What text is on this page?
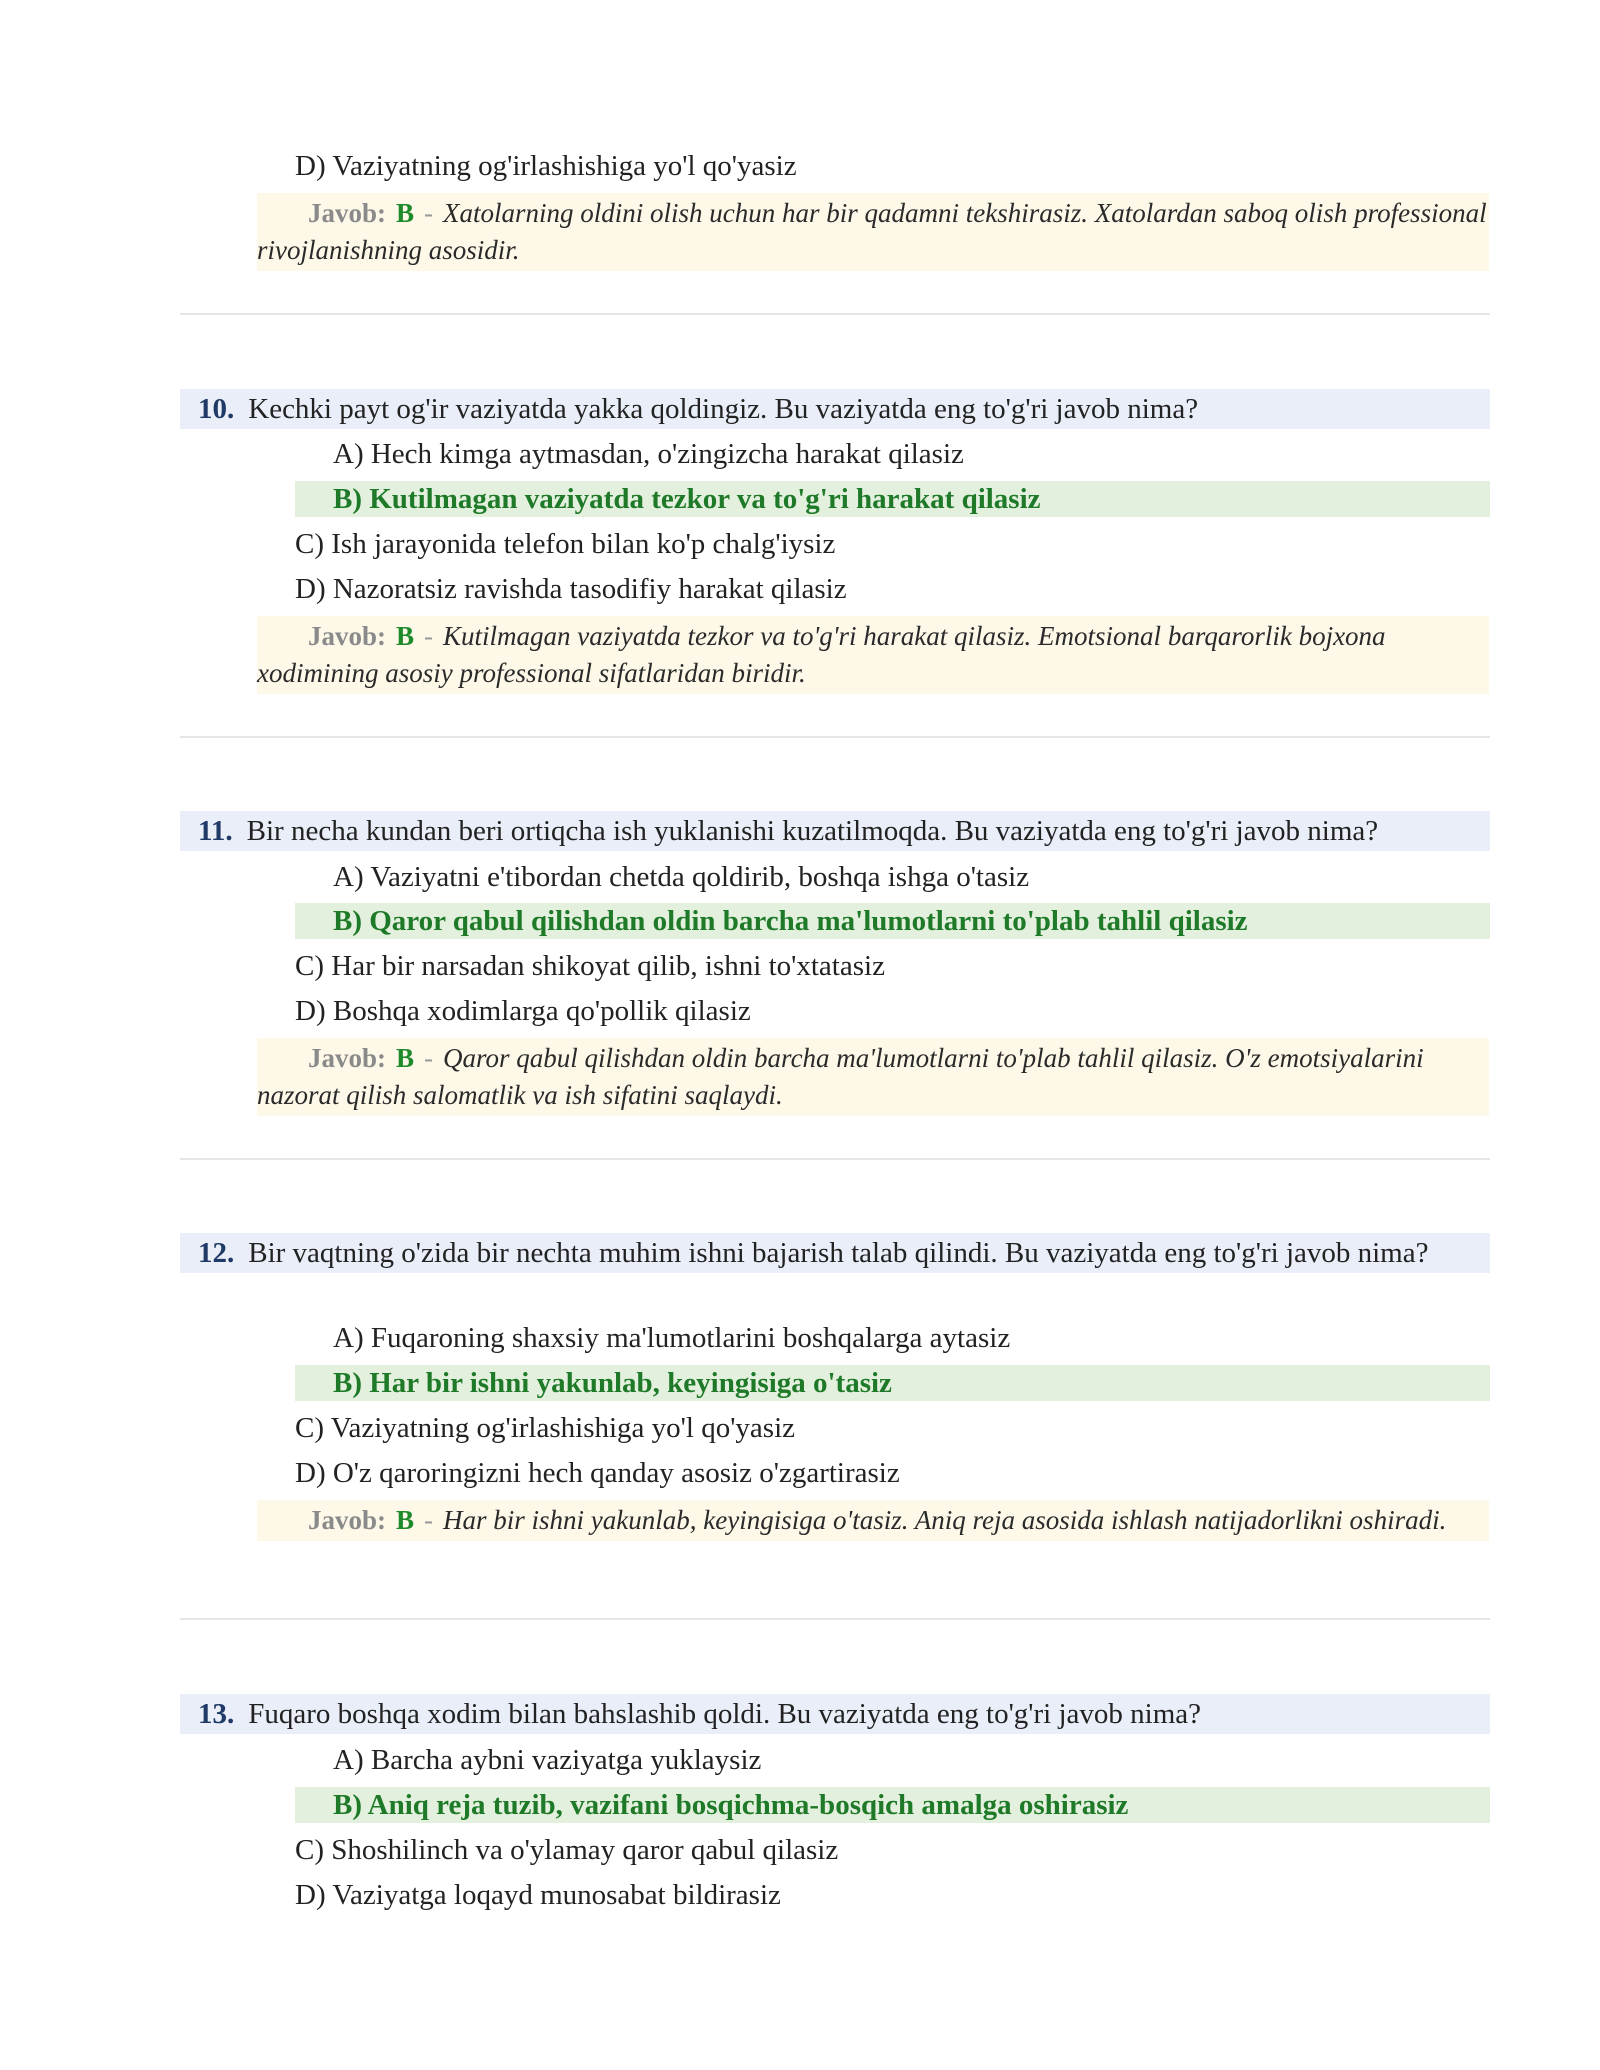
D) Vaziyatning og'irlashishiga yo'l qo'yasiz
Javob: B - Xatolarning oldini olish uchun har bir qadamni tekshirasiz. Xatolardan saboq olish professional rivojlanishning asosidir.
10. Kechki payt og'ir vaziyatda yakka qoldingiz. Bu vaziyatda eng to'g'ri javob nima?
A) Hech kimga aytmasdan, o'zingizcha harakat qilasiz
B) Kutilmagan vaziyatda tezkor va to'g'ri harakat qilasiz
C) Ish jarayonida telefon bilan ko'p chalg'iysiz
D) Nazoratsiz ravishda tasodifiy harakat qilasiz
Javob: B - Kutilmagan vaziyatda tezkor va to'g'ri harakat qilasiz. Emotsional barqarorlik bojxona xodimining asosiy professional sifatlaridan biridir.
11. Bir necha kundan beri ortiqcha ish yuklanishi kuzatilmoqda. Bu vaziyatda eng to'g'ri javob nima?
A) Vaziyatni e'tibordan chetda qoldirib, boshqa ishga o'tasiz
B) Qaror qabul qilishdan oldin barcha ma'lumotlarni to'plab tahlil qilasiz
C) Har bir narsadan shikoyat qilib, ishni to'xtatasiz
D) Boshqa xodimlarga qo'pollik qilasiz
Javob: B - Qaror qabul qilishdan oldin barcha ma'lumotlarni to'plab tahlil qilasiz. O'z emotsiyalarini nazorat qilish salomatlik va ish sifatini saqlaydi.
12. Bir vaqtning o'zida bir nechta muhim ishni bajarish talab qilindi. Bu vaziyatda eng to'g'ri javob nima?
A) Fuqaroning shaxsiy ma'lumotlarini boshqalarga aytasiz
B) Har bir ishni yakunlab, keyingisiga o'tasiz
C) Vaziyatning og'irlashishiga yo'l qo'yasiz
D) O'z qaroringizni hech qanday asosiz o'zgartirasiz
Javob: B - Har bir ishni yakunlab, keyingisiga o'tasiz. Aniq reja asosida ishlash natijadorlikni oshiradi.
13. Fuqaro boshqa xodim bilan bahslashib qoldi. Bu vaziyatda eng to'g'ri javob nima?
A) Barcha aybni vaziyatga yuklaysiz
B) Aniq reja tuzib, vazifani bosqichma-bosqich amalga oshirasiz
C) Shoshilinch va o'ylamay qaror qabul qilasiz
D) Vaziyatga loqayd munosabat bildirasiz
